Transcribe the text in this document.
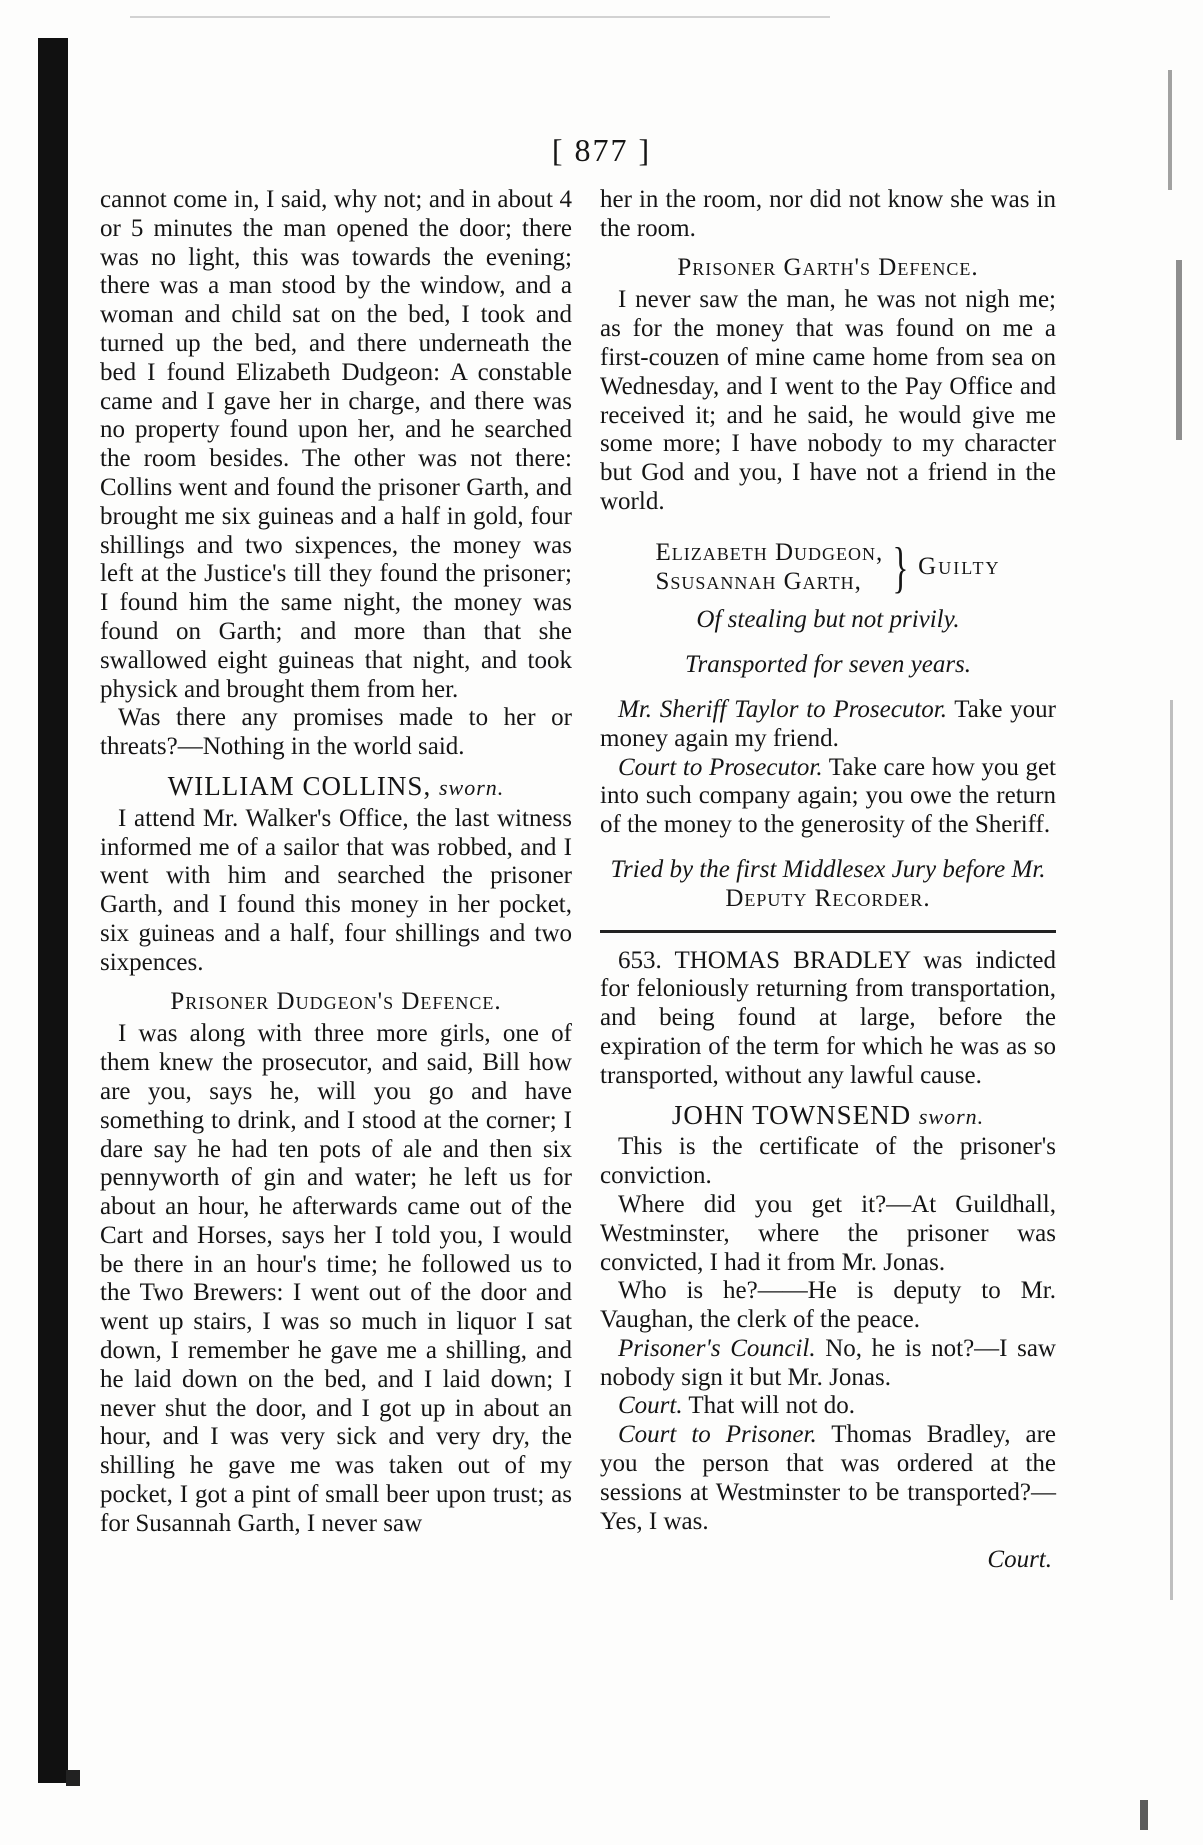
[ 877 ]

cannot come in, I said, why not; and in about 4 or 5 minutes the man opened the door; there was no light, this was towards the evening; there was a man stood by the window, and a woman and child sat on the bed, I took and turned up the bed, and there underneath the bed I found Elizabeth Dudgeon: A constable came and I gave her in charge, and there was no property found upon her, and he searched the room besides. The other was not there: Collins went and found the prisoner Garth, and brought me six guineas and a half in gold, four shillings and two sixpences, the money was left at the Justice's till they found the prisoner; I found him the same night, the money was found on Garth; and more than that she swallowed eight guineas that night, and took physick and brought them from her.

Was there any promises made to her or threats?—Nothing in the world said.

WILLIAM COLLINS, sworn.

I attend Mr. Walker's Office, the last witness informed me of a sailor that was robbed, and I went with him and searched the prisoner Garth, and I found this money in her pocket, six guineas and a half, four shillings and two sixpences.

Prisoner Dudgeon's Defence.

I was along with three more girls, one of them knew the prosecutor, and said, Bill how are you, says he, will you go and have something to drink, and I stood at the corner; I dare say he had ten pots of ale and then six pennyworth of gin and water; he left us for about an hour, he afterwards came out of the Cart and Horses, says her I told you, I would be there in an hour's time; he followed us to the Two Brewers: I went out of the door and went up stairs, I was so much in liquor I sat down, I remember he gave me a shilling, and he laid down on the bed, and I laid down; I never shut the door, and I got up in about an hour, and I was very sick and very dry, the shilling he gave me was taken out of my pocket, I got a pint of small beer upon trust; as for Susannah Garth, I never saw

her in the room, nor did not know she was in the room.

Prisoner Garth's Defence.

I never saw the man, he was not nigh me; as for the money that was found on me a first-couzen of mine came home from sea on Wednesday, and I went to the Pay Office and received it; and he said, he would give me some more; I have nobody to my character but God and you, I have not a friend in the world.

Elizabeth Dudgeon,
Ssusannah Garth, } Guilty
Of stealing but not privily.
Transported for seven years.

Mr. Sheriff Taylor to Prosecutor. Take your money again my friend.

Court to Prosecutor. Take care how you get into such company again; you owe the return of the money to the generosity of the Sheriff.

Tried by the first Middlesex Jury before Mr.
Deputy Recorder.

653. THOMAS BRADLEY was indicted for feloniously returning from transportation, and being found at large, before the expiration of the term for which he was as so transported, without any lawful cause.

JOHN TOWNSEND sworn.

This is the certificate of the prisoner's conviction.

Where did you get it?—At Guildhall, Westminster, where the prisoner was convicted, I had it from Mr. Jonas.

Who is he?——He is deputy to Mr. Vaughan, the clerk of the peace.

Prisoner's Council. No, he is not?—I saw nobody sign it but Mr. Jonas.

Court. That will not do.

Court to Prisoner. Thomas Bradley, are you the person that was ordered at the sessions at Westminster to be transported?—Yes, I was.

Court.
